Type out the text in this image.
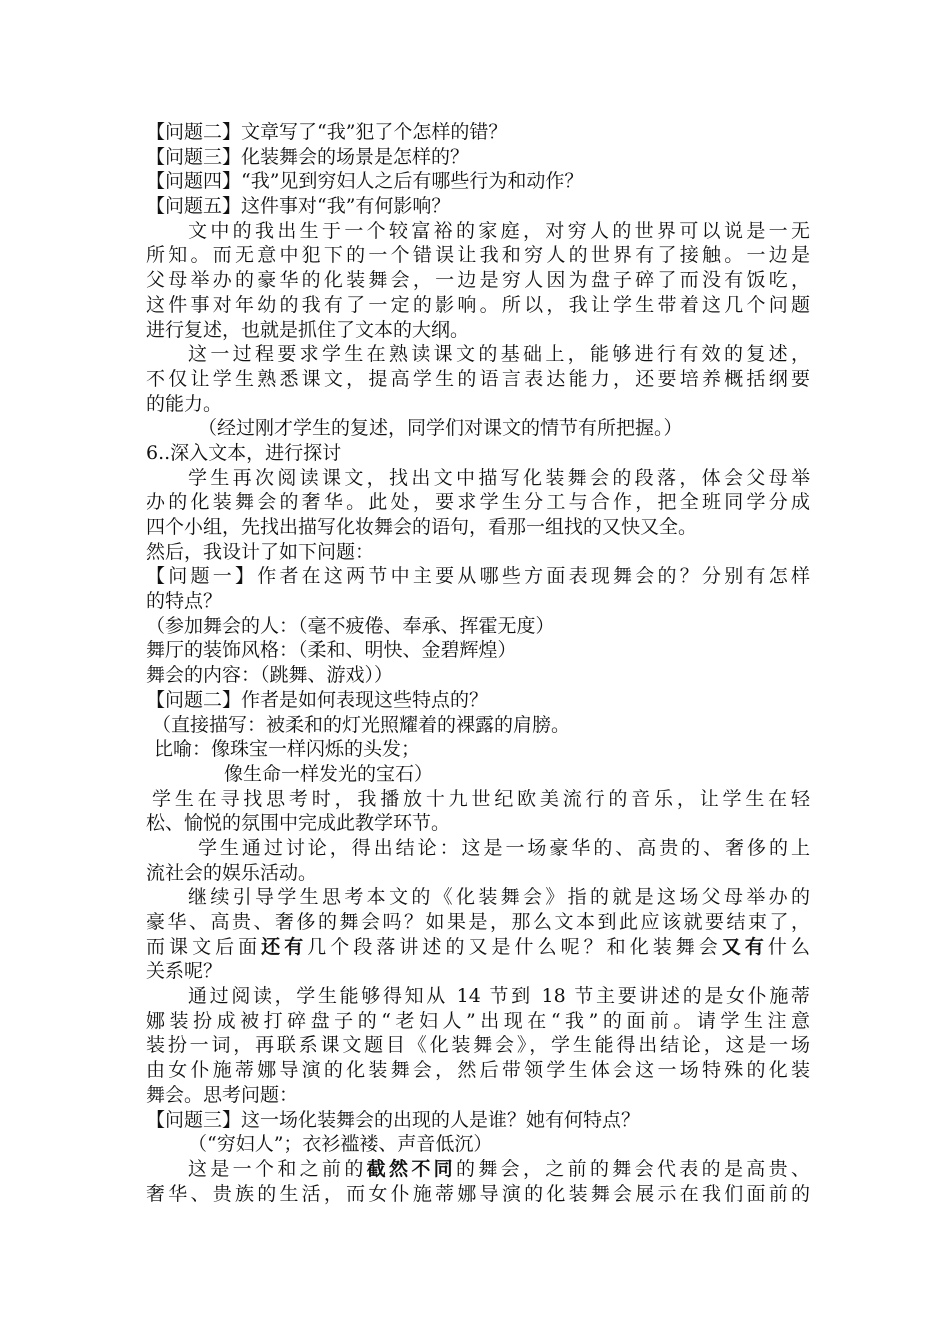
【问题二】文章写了“我”犯了个怎样的错？
【问题三】化装舞会的场景是怎样的？
【问题四】“我”见到穷妇人之后有哪些行为和动作？
【问题五】这件事对“我”有何影响？
文中的我出生于一个较富裕的家庭，对穷人的世界可以说是一无
所知。而无意中犯下的一个错误让我和穷人的世界有了接触。一边是
父母举办的豪华的化装舞会，一边是穷人因为盘子碎了而没有饭吃，
这件事对年幼的我有了一定的影响。所以，我让学生带着这几个问题
进行复述，也就是抓住了文本的大纲。
这一过程要求学生在熟读课文的基础上，能够进行有效的复述，
不仅让学生熟悉课文，提高学生的语言表达能力，还要培养概括纲要
的能力。
（经过刚才学生的复述，同学们对课文的情节有所把握。）
6..深入文本，进行探讨
学生再次阅读课文，找出文中描写化装舞会的段落，体会父母举
办的化装舞会的奢华。此处，要求学生分工与合作，把全班同学分成
四个小组，先找出描写化妆舞会的语句，看那一组找的又快又全。
然后，我设计了如下问题：
【问题一】作者在这两节中主要从哪些方面表现舞会的？分别有怎样
的特点？
（参加舞会的人：（毫不疲倦、奉承、挥霍无度）
舞厅的装饰风格：（柔和、明快、金碧辉煌）
舞会的内容：（跳舞、游戏））
【问题二】作者是如何表现这些特点的？
（直接描写：被柔和的灯光照耀着的裸露的肩膀。
比喻：像珠宝一样闪烁的头发；
像生命一样发光的宝石）
学生在寻找思考时，我播放十九世纪欧美流行的音乐，让学生在轻
松、愉悦的氛围中完成此教学环节。
学生通过讨论，得出结论：这是一场豪华的、高贵的、奢侈的上
流社会的娱乐活动。
继续引导学生思考本文的《化装舞会》指的就是这场父母举办的
豪华、高贵、奢侈的舞会吗？如果是，那么文本到此应该就要结束了，
而课文后面还有几个段落讲述的又是什么呢？和化装舞会又有什么
关系呢？
通过阅读，学生能够得知从 14 节到 18 节主要讲述的是女仆施蒂
娜装扮成被打碎盘子的“老妇人”出现在“我”的面前。请学生注意
装扮一词，再联系课文题目《化装舞会》，学生能得出结论，这是一场
由女仆施蒂娜导演的化装舞会，然后带领学生体会这一场特殊的化装
舞会。思考问题：
【问题三】这一场化装舞会的出现的人是谁？她有何特点？
（“穷妇人”；衣衫褴褛、声音低沉）
这是一个和之前的截然不同的舞会，之前的舞会代表的是高贵、
奢华、贵族的生活，而女仆施蒂娜导演的化装舞会展示在我们面前的
